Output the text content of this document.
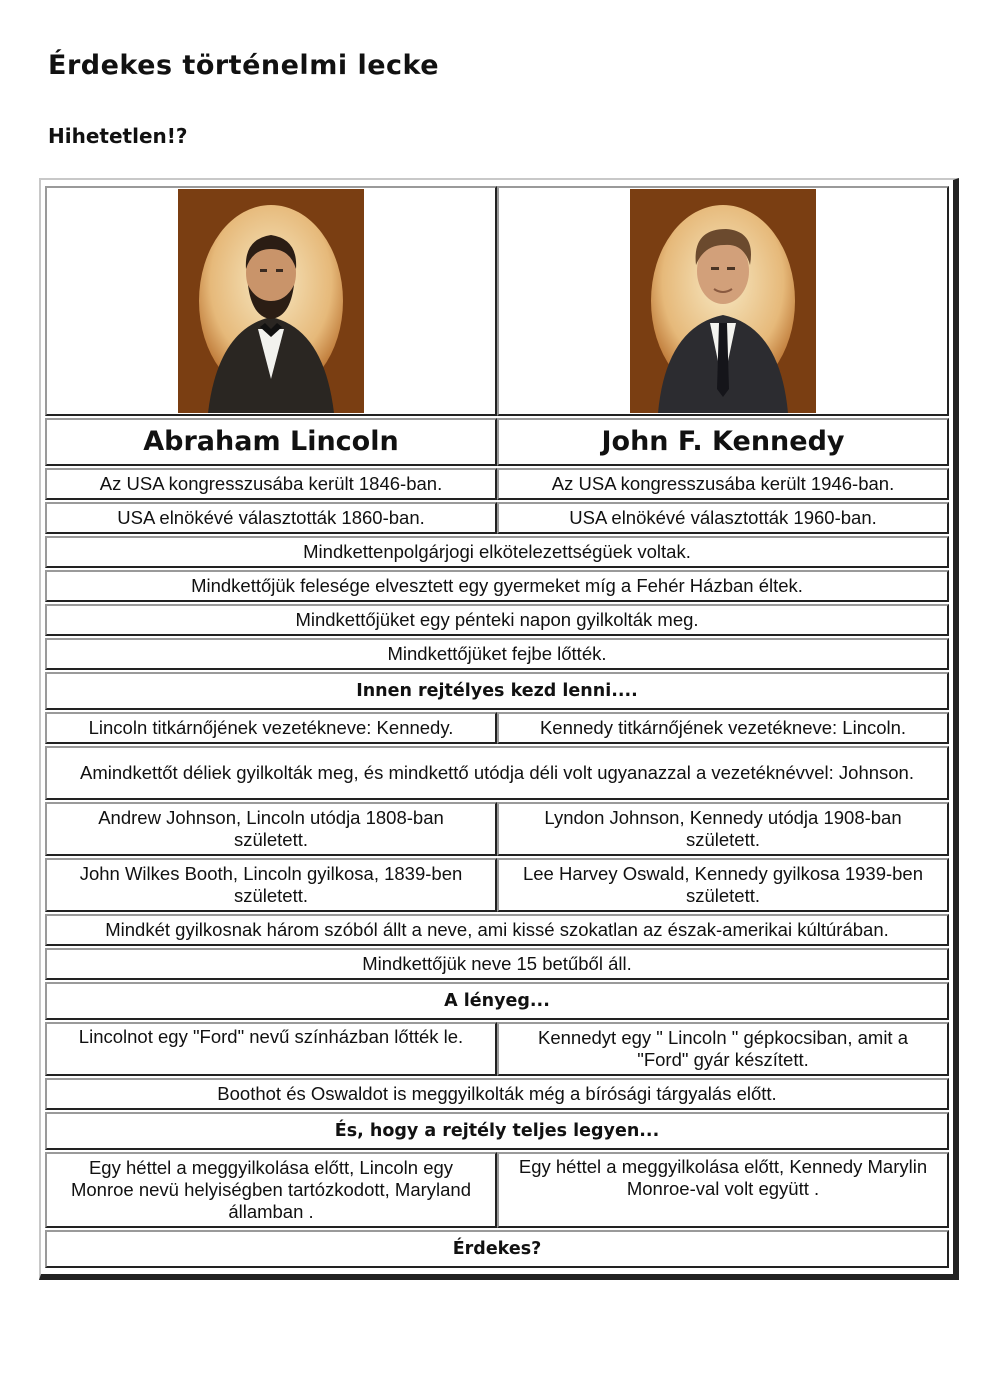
Érdekes történelmi lecke
Hihetetlen!?

Abraham Lincoln	John F. Kennedy
Az USA kongresszusába került 1846-ban.	Az USA kongresszusába került 1946-ban.
USA elnökévé választották 1860-ban.	USA elnökévé választották 1960-ban.
Mindkettenpolgárjogi elkötelezettségüek voltak.	
Mindkettőjük felesége elvesztett egy gyermeket míg a Fehér Házban éltek.	
Mindkettőjüket egy pénteki napon gyilkolták meg.	
Mindkettőjüket fejbe lőtték.	
Innen rejtélyes kezd lenni....	
Lincoln titkárnőjének vezetékneve: Kennedy.	Kennedy titkárnőjének vezetékneve: Lincoln.
Amindkettőt déliek gyilkolták meg, és mindkettő utódja déli volt ugyanazzal a vezetéknévvel: Johnson.	
Andrew Johnson, Lincoln utódja 1808-ban született.	Lyndon Johnson, Kennedy utódja 1908-ban született.
John Wilkes Booth, Lincoln gyilkosa, 1839-ben született.	Lee Harvey Oswald, Kennedy gyilkosa 1939-ben született.
Mindkét gyilkosnak három szóból állt a neve, ami kissé szokatlan az észak-amerikai kúltúrában.	
Mindkettőjük neve 15 betűből áll.	
A lényeg...	
Lincolnot egy "Ford" nevű színházban lőtték le.	Kennedyt egy " Lincoln " gépkocsiban, amit a "Ford" gyár készített.
Boothot és Oswaldot is meggyilkolták még a bírósági tárgyalás előtt.	
És, hogy a rejtély teljes legyen...	
Egy héttel a meggyilkolása előtt, Lincoln egy Monroe nevü helyiségben tartózkodott, Maryland államban .	Egy héttel a meggyilkolása előtt, Kennedy Marylin Monroe-val volt együtt .
Érdekes?	
